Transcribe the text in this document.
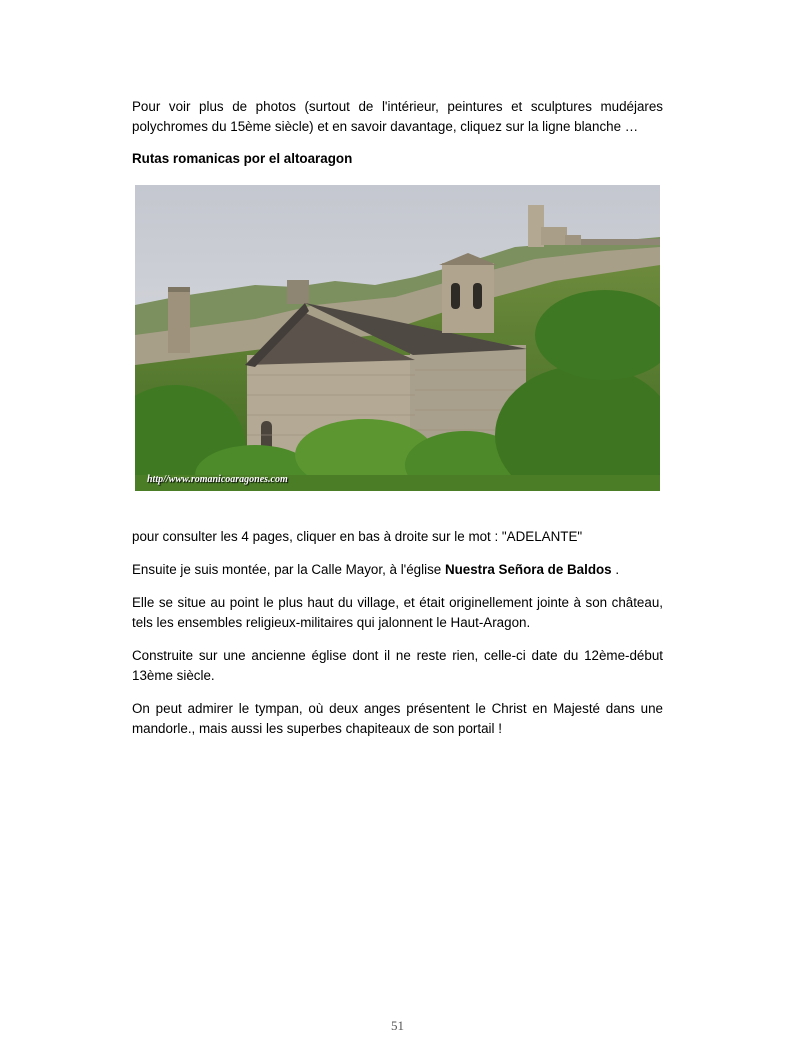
Pour voir plus de photos (surtout de l'intérieur, peintures et sculptures mudéjares polychromes du 15ème siècle) et en savoir davantage, cliquez sur la ligne blanche …

Rutas romanicas por el altoaragon

http//www.romanicoaragones.com

pour consulter les 4 pages, cliquer en bas à droite sur le mot : "ADELANTE"

Ensuite je suis montée, par la Calle Mayor, à l'église Nuestra Señora de Baldos .

Elle se situe au point le plus haut du village, et était originellement jointe à son château, tels les ensembles religieux-militaires qui jalonnent le Haut-Aragon.

Construite sur une ancienne église dont il ne reste rien, celle-ci date du 12ème-début 13ème siècle.

On peut admirer le tympan, où deux anges présentent le Christ en Majesté dans une mandorle., mais aussi les superbes chapiteaux de son portail !

51
